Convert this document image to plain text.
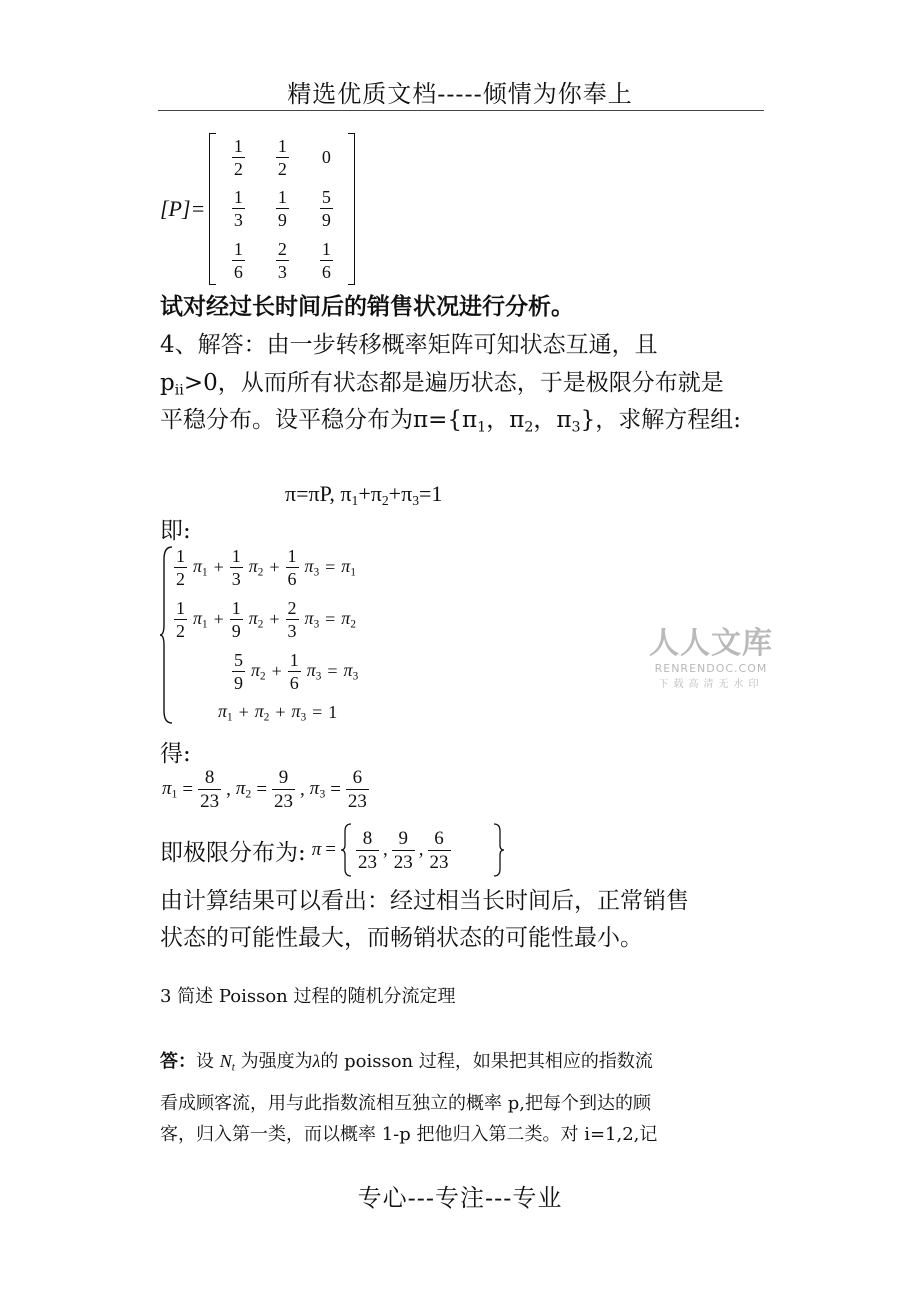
精选优质文档-----倾情为你奉上
[P]=
$\frac{1}{2} \frac{1}{2} 0$
$\frac{1}{3} \frac{1}{9} \frac{5}{9}$
$\frac{1}{6} \frac{2}{3} \frac{1}{6}$
试对经过长时间后的销售状况进行分析。
4、解答：由一步转移概率矩阵可知状态互通，且
$p_{ii}>0$，从而所有状态都是遍历状态，于是极限分布就是
平稳分布。设平稳分布为$\pi=\{\pi_1$，$\pi_2$，$\pi_3$}，求解方程组:
π=πP, $\pi_1+\pi_2+\pi_3=1$
即:
$\frac{1}{2} \pi_1 + \frac{1}{3} \pi_2 + \frac{1}{6} \pi_3 = \pi_1$
$\frac{1}{2} \pi_1 + \frac{1}{9} \pi_2 + \frac{2}{3} \pi_3 = \pi_2$
$\frac{5}{9} \pi_2 + \frac{1}{6} \pi_3 = \pi_3$
$\pi_1 + \pi_2 + \pi_3 = 1$
得:
$\pi_1 = \frac{8}{23}$ , $\pi_2 = \frac{9}{23}$ , $\pi_3 = \frac{6}{23}$
即极限分布为: $\pi = \frac{8}{23}$ , $\frac{9}{23}$ , $\frac{6}{23}$
由计算结果可以看出：经过相当长时间后，正常销售
状态的可能性最大，而畅销状态的可能性最小。
3 简述 Poisson 过程的随机分流定理
答：设 $N_t$ 为强度为λ的 poisson 过程，如果把其相应的指数流
看成顾客流，用与此指数流相互独立的概率 p,把每个到达的顾
客，归入第一类，而以概率 1-p 把他归入第二类。对 i=1,2,记
人人文库
RENRENDOC.COM
下载高清无水印
专心---专注---专业
